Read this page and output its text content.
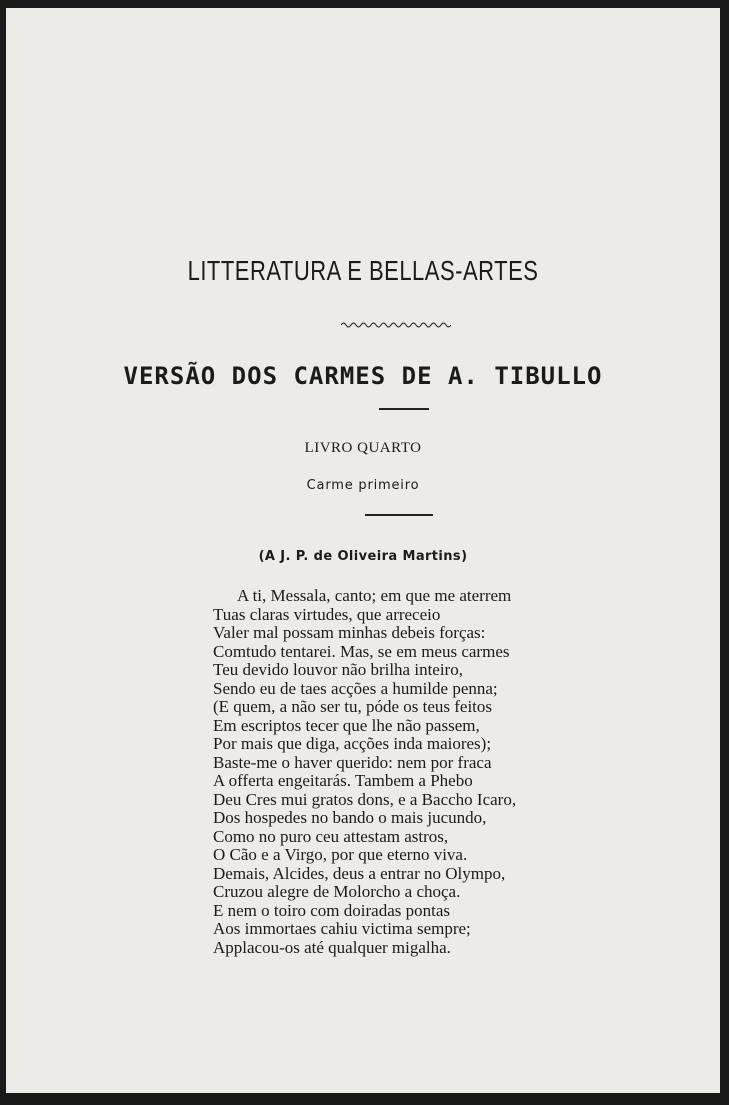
LITTERATURA E BELLAS-ARTES
VERSÃO DOS CARMES DE A. TIBULLO
LIVRO QUARTO
Carme primeiro
(A J. P. de Oliveira Martins)
A ti, Messala, canto; em que me aterrem
Tuas claras virtudes, que arreceio
Valer mal possam minhas debeis forças:
Comtudo tentarei. Mas, se em meus carmes
Teu devido louvor não brilha inteiro,
Sendo eu de taes acções a humilde penna;
(E quem, a não ser tu, póde os teus feitos
Em escriptos tecer que lhe não passem,
Por mais que diga, acções inda maiores);
Baste-me o haver querido: nem por fraca
A offerta engeitarás. Tambem a Phebo
Deu Cres mui gratos dons, e a Baccho Icaro,
Dos hospedes no bando o mais jucundo,
Como no puro ceu attestam astros,
O Cão e a Virgo, por que eterno viva.
Demais, Alcides, deus a entrar no Olympo,
Cruzou alegre de Molorcho a choça.
E nem o toiro com doiradas pontas
Aos immortaes cahiu victima sempre;
Applacou-os até qualquer migalha.
